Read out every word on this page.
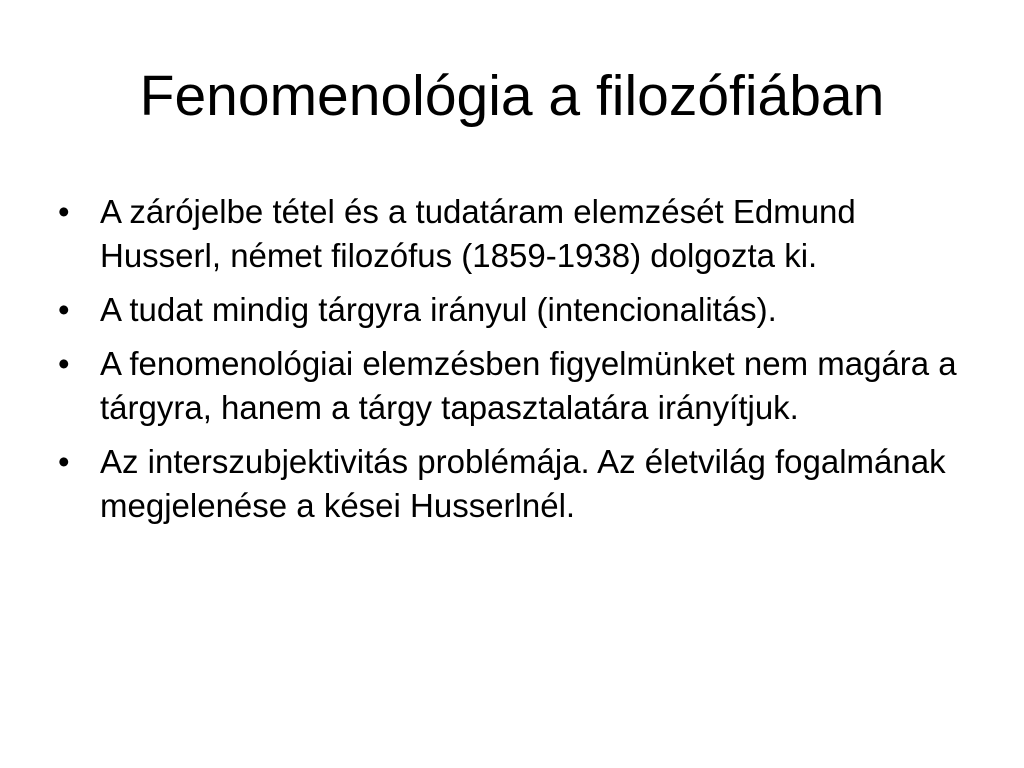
Fenomenológia a filozófiában
• A zárójelbe tétel és a tudatáram elemzését Edmund Husserl, német filozófus (1859-1938) dolgozta ki.
• A tudat mindig tárgyra irányul (intencionalitás).
• A fenomenológiai elemzésben figyelmünket nem magára a tárgyra, hanem a tárgy tapasztalatára irányítjuk.
• Az interszubjektivitás problémája. Az életvilág fogalmának megjelenése a kései Husserlnél.
